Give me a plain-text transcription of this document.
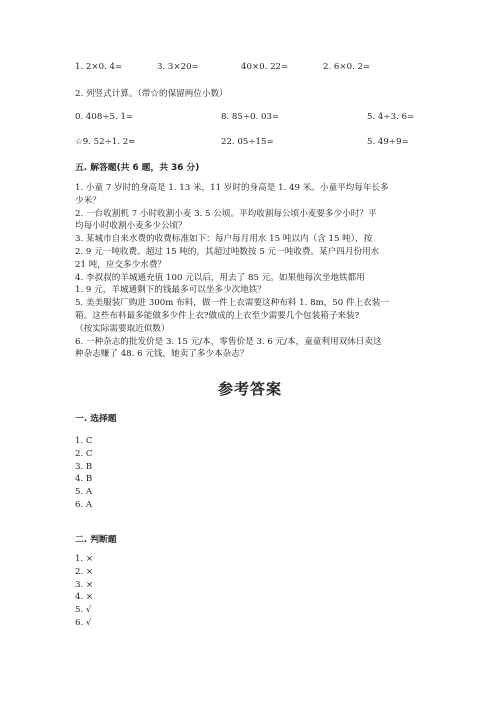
1. 2×0. 4=	3. 3×20=	40×0. 22=	2. 6×0. 2=
2. 列竖式计算。（带☆的保留两位小数）
0. 408÷5. 1=	8. 85÷0. 03=	5. 4÷3. 6=
☆9. 52÷1. 2≈	22. 05÷15=	5. 49÷9=
五. 解答题(共 6 题，共 36 分)
1. 小童 7 岁时的身高是 1. 13 米，11 岁时的身高是 1. 49 米。小童平均每年长多
少米？
2. 一台收割机 7 小时收割小麦 3. 5 公顷。平均收割每公顷小麦要多少小时？平
均每小时收割小麦多少公顷？
3. 某城市自来水费的收费标准如下：每户每月用水 15 吨以内（含 15 吨），按
2. 9 元一吨收费。超过 15 吨的，其超过吨数按 5 元一吨收费。某户四月份用水
21 吨，应交多少水费？
4. 李叔叔的羊城通充值 100 元以后，用去了 85 元。如果他每次坐地铁都用
1. 9 元，羊城通剩下的钱最多可以坐多少次地铁？
5. 美美服装厂购进 300m 布料，做一件上衣需要这种布料 1. 8m，50 件上衣装一
箱。这些布料最多能做多少件上衣?做成的上衣至少需要几个包装箱子来装?
（按实际需要取近似数）
6. 一种杂志的批发价是 3. 15 元/本，零售价是 3. 6 元/本，童童利用双休日卖这
种杂志赚了 48. 6 元钱，她卖了多少本杂志？
参考答案
一. 选择题
1. C
2. C
3. B
4. B
5. A
6. A
二. 判断题
1. ×
2. ×
3. ×
4. ×
5. √
6. √
